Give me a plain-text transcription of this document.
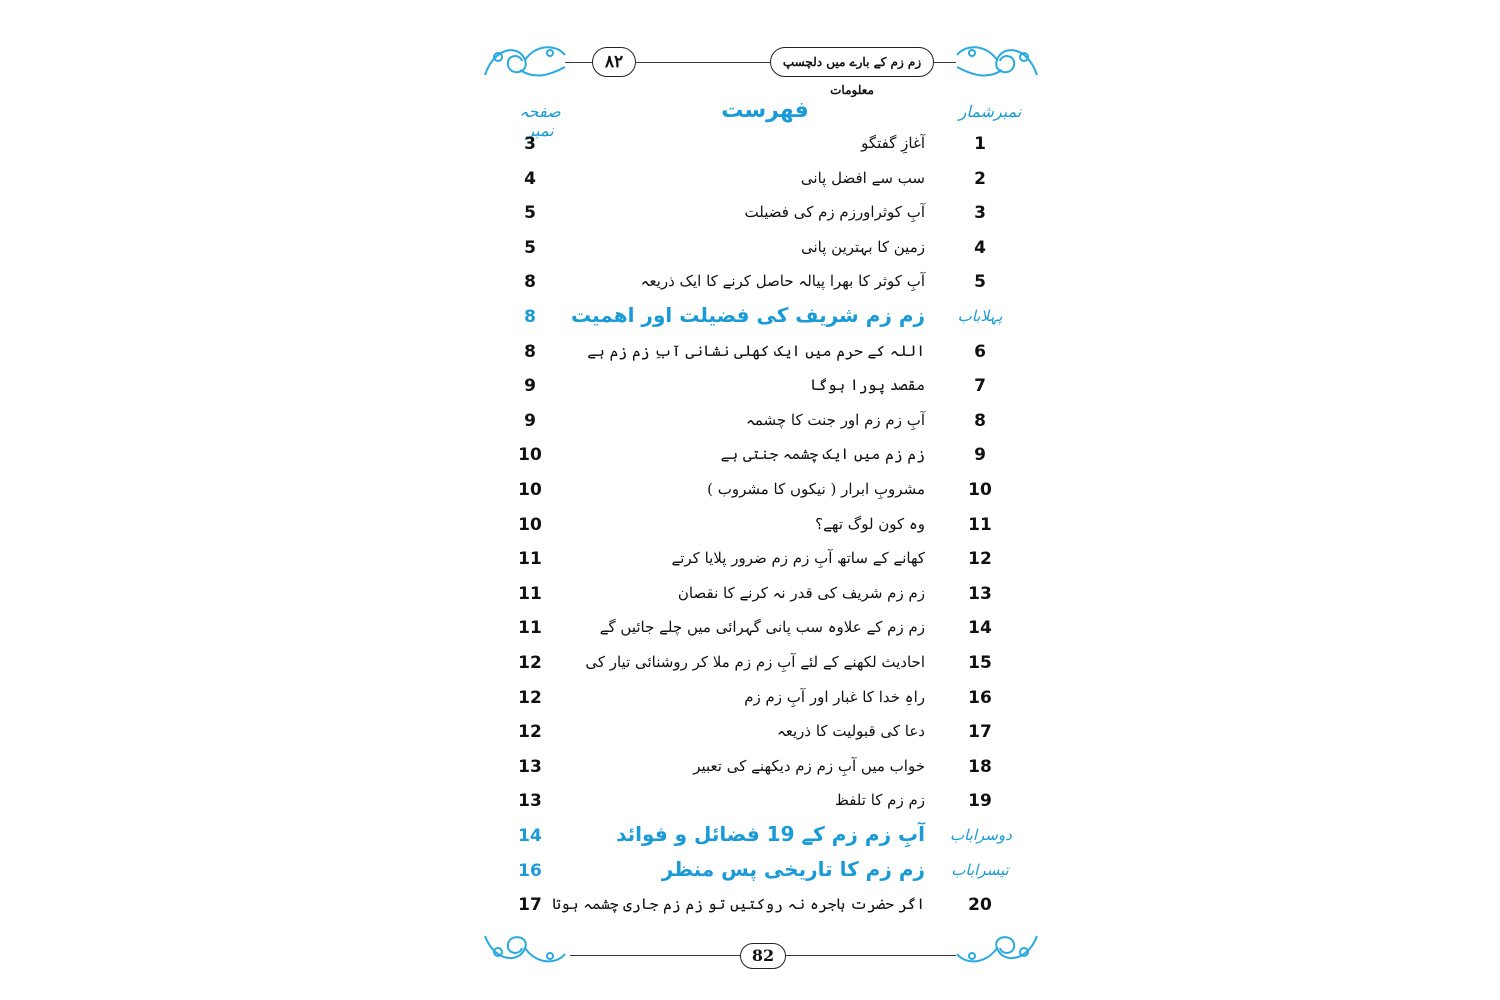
۸۲	زم زم کے بارے میں دلچسپ معلومات
صفحہ نمبر
فھرست	نمبرشمار
1
آغازِ گفتگو
3
2
سب سے افضل پانی
4
3
آبِ کوثراورزم زم کی فضیلت
5
4
زمین کا بہترین پانی
5
5
آبِ کوثر کا بھرا پیالہ حاصل کرنے کا ایک ذریعہ
8
پہلاباب
زم زم شریف کی فضیلت اور اھمیت
8
6
اللہ کے حرم میں ایک کھلی نشانی آبِ زم زم ہے
8
7
مقصد پورا ہوگا
9
8
آبِ زم زم اور جنت کا چشمہ
9
9
زم زم میں ایک چشمہ جنتی ہے
10
10
مشروبِ ابرار ( نیکوں کا مشروب )
10
11
وہ کون لوگ تھے؟
10
12
کھانے کے ساتھ آبِ زم زم ضرور پلایا کرتے
11
13
زم زم شریف کی قدر نہ کرنے کا نقصان
11
14
زم زم کے علاوہ سب پانی گہرائی میں چلے جائیں گے
11
15
احادیث لکھنے کے لئے آبِ زم زم ملا کر روشنائی تیار کی
12
16
راہِ خدا کا غبار اور آبِ زم زم
12
17
دعا کی قبولیت کا ذریعہ
12
18
خواب میں آبِ زم زم دیکھنے کی تعبیر
13
19
زم زم کا تلفظ
13
دوسراباب
آبِ زم زم کے 19 فضائل و فوائد
14
تیسراباب
زم زم کا تاریخی پس منظر
16
20
اگر حضرت ہاجرہ نہ روکتیں تو زم زم جاری چشمہ ہوتا
17
82
